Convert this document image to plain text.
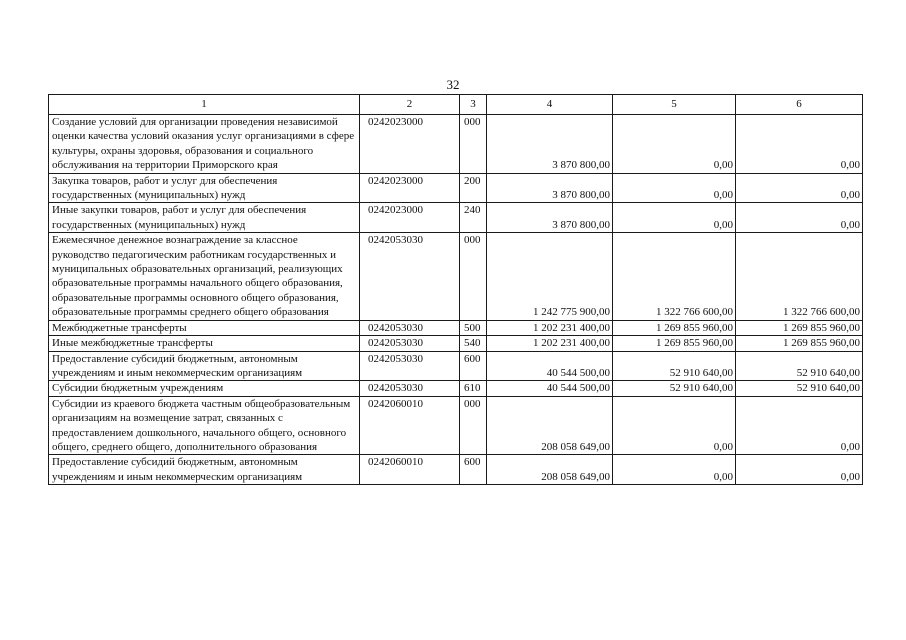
32
1	2	3	4	5	6
Создание условий для организации проведения независимой оценки качества условий оказания услуг организациями в сфере культуры, охраны здоровья, образования и социального обслуживания на территории Приморского края	0242023000	000	3 870 800,00	0,00	0,00
Закупка товаров, работ и услуг для обеспечения государственных (муниципальных) нужд	0242023000	200	3 870 800,00	0,00	0,00
Иные закупки товаров, работ и услуг для обеспечения государственных (муниципальных) нужд	0242023000	240	3 870 800,00	0,00	0,00
Ежемесячное денежное вознаграждение за классное руководство педагогическим работникам государственных и муниципальных образовательных организаций, реализующих образовательные программы начального общего образования, образовательные программы основного общего образования, образовательные программы среднего общего образования	0242053030	000	1 242 775 900,00	1 322 766 600,00	1 322 766 600,00
Межбюджетные трансферты	0242053030	500	1 202 231 400,00	1 269 855 960,00	1 269 855 960,00
Иные межбюджетные трансферты	0242053030	540	1 202 231 400,00	1 269 855 960,00	1 269 855 960,00
Предоставление субсидий бюджетным, автономным учреждениям и иным некоммерческим организациям	0242053030	600	40 544 500,00	52 910 640,00	52 910 640,00
Субсидии бюджетным учреждениям	0242053030	610	40 544 500,00	52 910 640,00	52 910 640,00
Субсидии из краевого бюджета частным общеобразовательным организациям на возмещение затрат, связанных с предоставлением дошкольного, начального общего, основного общего, среднего общего, дополнительного образования	0242060010	000	208 058 649,00	0,00	0,00
Предоставление субсидий бюджетным, автономным учреждениям и иным некоммерческим организациям	0242060010	600	208 058 649,00	0,00	0,00
